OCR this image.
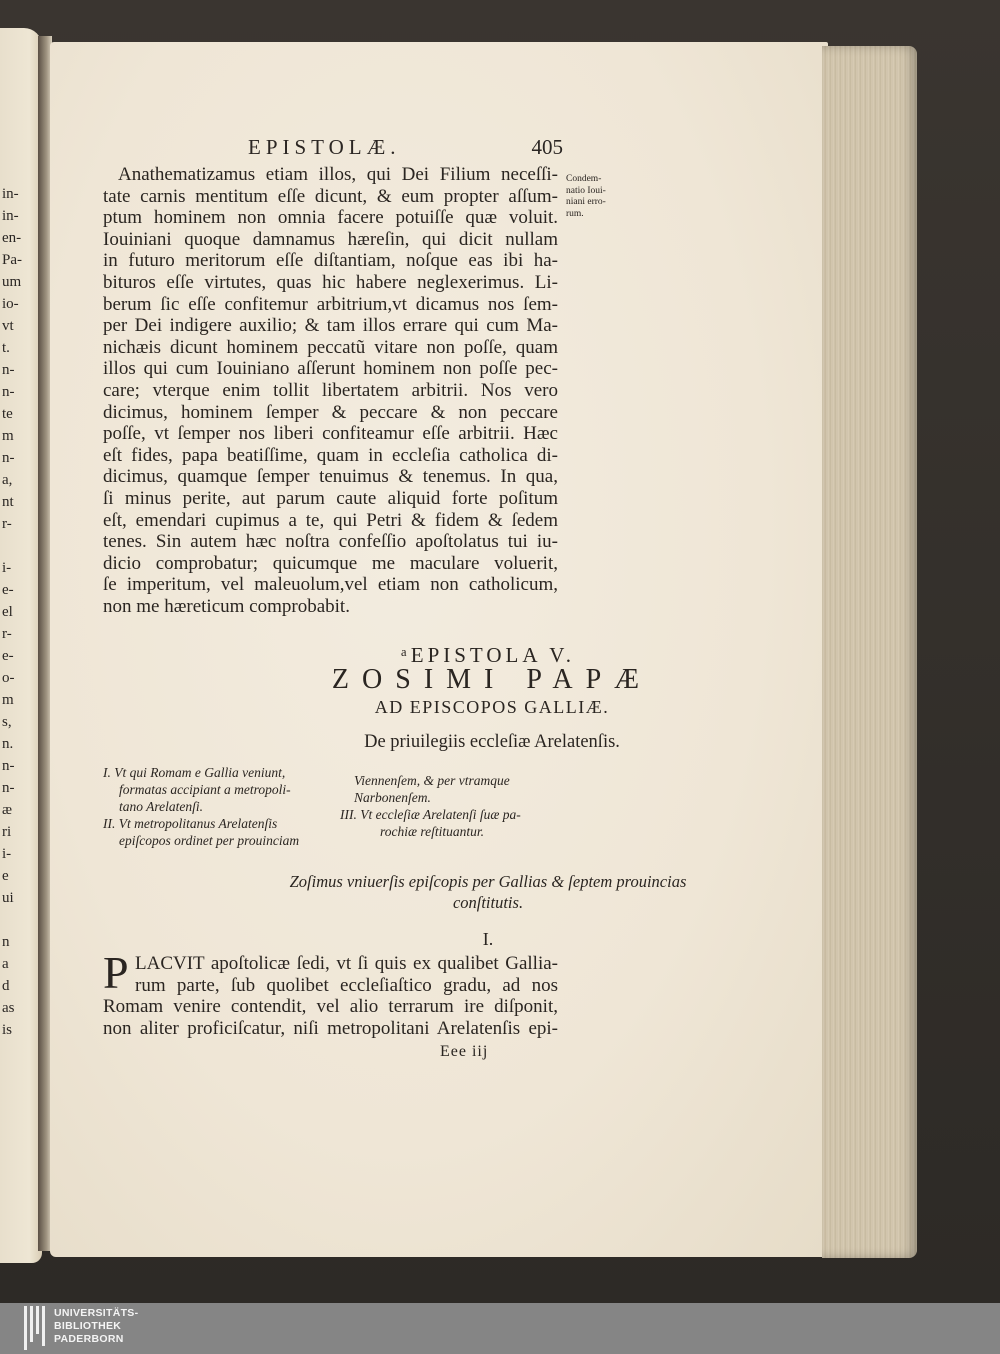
in-
in-
en-
Pa-
um
io-
vt
t.
n-
n-
te
m
n-
a,
nt
r-
i-
e-
el
r-
e-
o-
m
s,
n.
n-
n-
æ
ri
i-
e
ui
n
a
d
as
is
EPISTOLÆ.	405
Condem-
natio Ioui-
niani erro-
rum.
Anathematizamus etiam illos, qui Dei Filium neceſſi-
tate carnis mentitum eſſe dicunt, & eum propter aſſum-
ptum hominem non omnia facere potuiſſe quæ voluit.
Iouiniani quoque damnamus hæreſin, qui dicit nullam
in futuro meritorum eſſe diſtantiam, noſque eas ibi ha-
bituros eſſe virtutes, quas hic habere neglexerimus. Li-
berum ſic eſſe confitemur arbitrium,vt dicamus nos ſem-
per Dei indigere auxilio; & tam illos errare qui cum Ma-
nichæis dicunt hominem peccatũ vitare non poſſe, quam
illos qui cum Iouiniano aſſerunt hominem non poſſe pec-
care; vterque enim tollit libertatem arbitrii. Nos vero
dicimus, hominem ſemper & peccare & non peccare
poſſe, vt ſemper nos liberi confiteamur eſſe arbitrii. Hæc
eſt fides, papa beatiſſime, quam in eccleſia catholica di-
dicimus, quamque ſemper tenuimus & tenemus. In qua,
ſi minus perite, aut parum caute aliquid forte poſitum
eſt, emendari cupimus a te, qui Petri & fidem & ſedem
tenes. Sin autem hæc noſtra confeſſio apoſtolatus tui iu-
dicio comprobatur; quicumque me maculare voluerit,
ſe imperitum, vel maleuolum,vel etiam non catholicum,
non me hæreticum comprobabit.
ᵃEPISTOLA V.
ZOSIMI PAPÆ
AD EPISCOPOS GALLIÆ.
De priuilegiis eccleſiæ Arelatenſis.
I. Vt qui Romam e Gallia veniunt,
formatas accipiant a metropoli-
tano Arelatenſi.
II. Vt metropolitanus Arelatenſis
epiſcopos ordinet per prouinciam
Viennenſem, & per vtramque
Narbonenſem.
III. Vt eccleſiæ Arelatenſi ſuæ pa-
rochiæ reſtituantur.
Zoſimus vniuerſis epiſcopis per Gallias & ſeptem prouincias
conſtitutis.
I.
P LACVIT apoſtolicæ ſedi, vt ſi quis ex qualibet Gallia-
rum parte, ſub quolibet eccleſiaſtico gradu, ad nos
Romam venire contendit, vel alio terrarum ire diſponit,
non aliter proficiſcatur, niſi metropolitani Arelatenſis epi-
Eee iij
UNIVERSITÄTS-
BIBLIOTHEK
PADERBORN
